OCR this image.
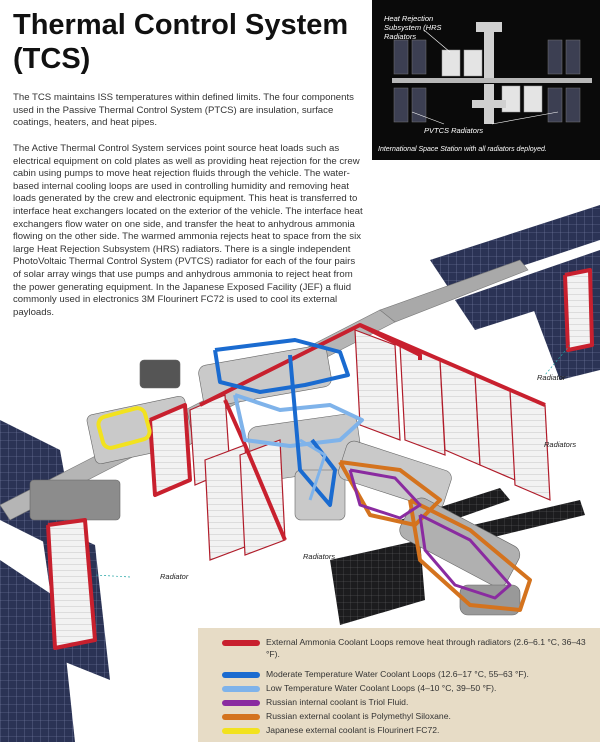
Thermal Control System (TCS)

The TCS maintains ISS temperatures within defined limits. The four components used in the Passive Thermal Control System (PTCS) are insulation, surface coatings, heaters, and heat pipes.

The Active Thermal Control System services point source heat loads such as electrical equipment on cold plates as well as providing heat rejection for the crew cabin using pumps to move heat rejection fluids through the vehicle. The water-based internal cooling loops are used in controlling humidity and removing heat loads generated by the crew and electronic equipment. This heat is transferred to interface heat exchangers located on the exterior of the vehicle. The interface heat exchangers flow water on one side, and transfer the heat to anhydrous ammonia flowing on the other side. The warmed ammonia rejects heat to space from the six large Heat Rejection Subsystem (HRS) radiators. There is a single independent PhotoVoltaic Thermal Control System (PVTCS) radiator for each of the four pairs of solar array wings that use pumps and anhydrous ammonia to reject heat from the power generating equipment. In the Japanese Exposed Facility (JEF) a fluid commonly used in electronics 3M Flourinert FC72 is used to cool its external payloads.

Heat Rejection Subsystem (HRS Radiators
PVTCS Radiators
International Space Station with all radiators deployed.
Radiator
Radiators
Radiators
Radiator
External Ammonia Coolant Loops remove heat through radiators (2.6–6.1 °C, 36–43 °F).
Moderate Temperature Water Coolant Loops (12.6–17 °C, 55–63 °F).
Low Temperature Water Coolant Loops (4–10 °C, 39–50 °F).
Russian internal coolant is Triol Fluid.
Russian external coolant is Polymethyl Siloxane.
Japanese external coolant is Flourinert FC72.
